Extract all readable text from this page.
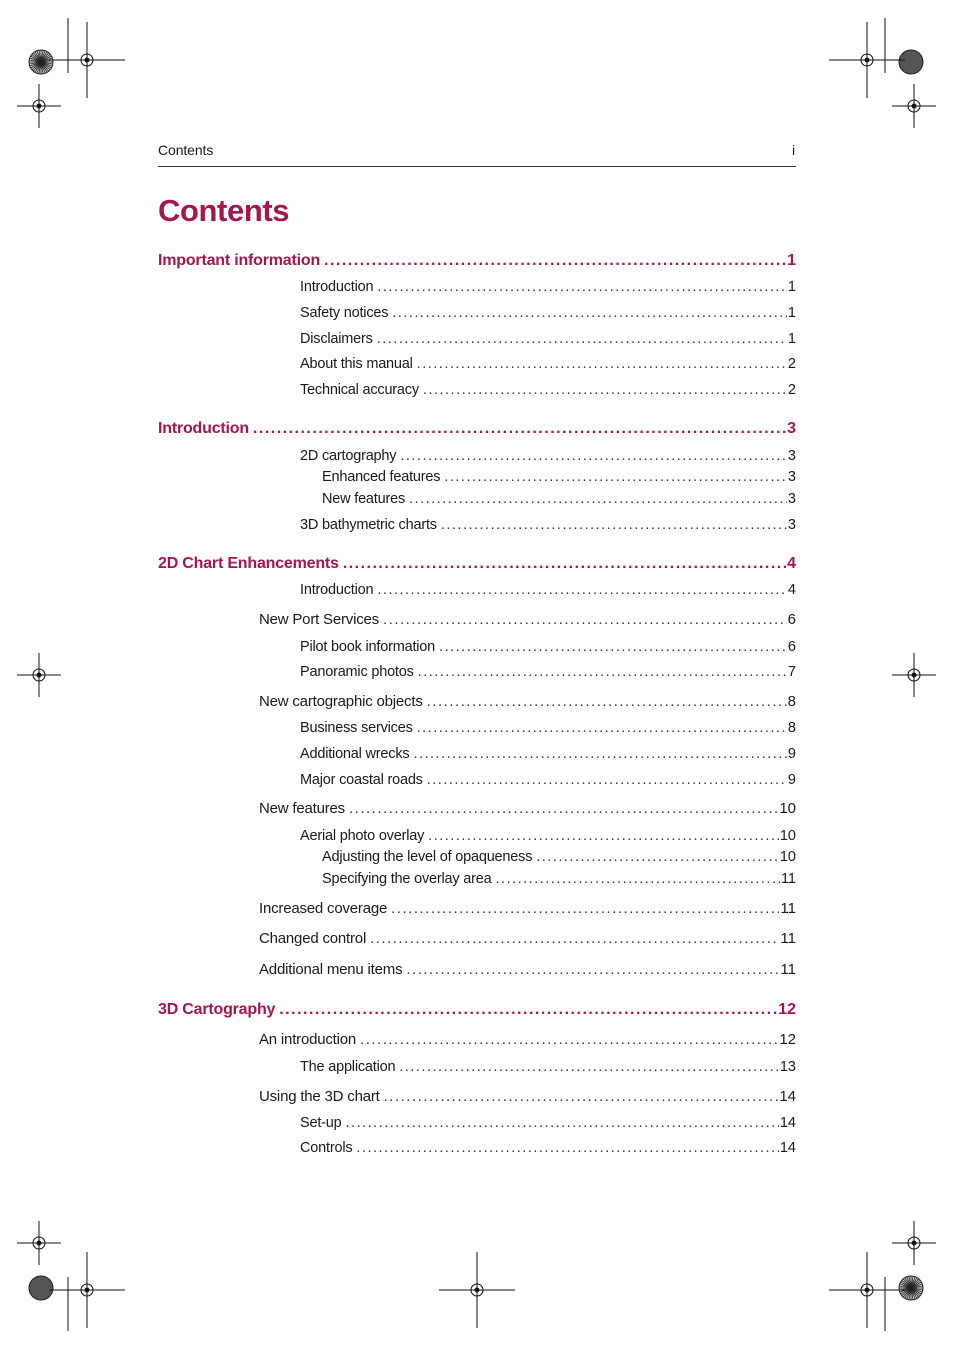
Contents	i
Contents
Important information .....	1
Introduction .....	1
Safety notices .....	1
Disclaimers .....	1
About this manual .....	2
Technical accuracy .....	2
Introduction .....	3
2D cartography .....	3
Enhanced features .....	3
New features .....	3
3D bathymetric charts .....	3
2D Chart Enhancements .....	4
Introduction .....	4
New Port Services .....	6
Pilot book information .....	6
Panoramic photos .....	7
New cartographic objects .....	8
Business services .....	8
Additional wrecks .....	9
Major coastal roads .....	9
New features .....	10
Aerial photo overlay .....	10
Adjusting the level of opaqueness .....	10
Specifying the overlay area .....	11
Increased coverage .....	11
Changed control .....	11
Additional menu items .....	11
3D Cartography .....	12
An introduction .....	12
The application .....	13
Using the 3D chart .....	14
Set-up .....	14
Controls .....	14
